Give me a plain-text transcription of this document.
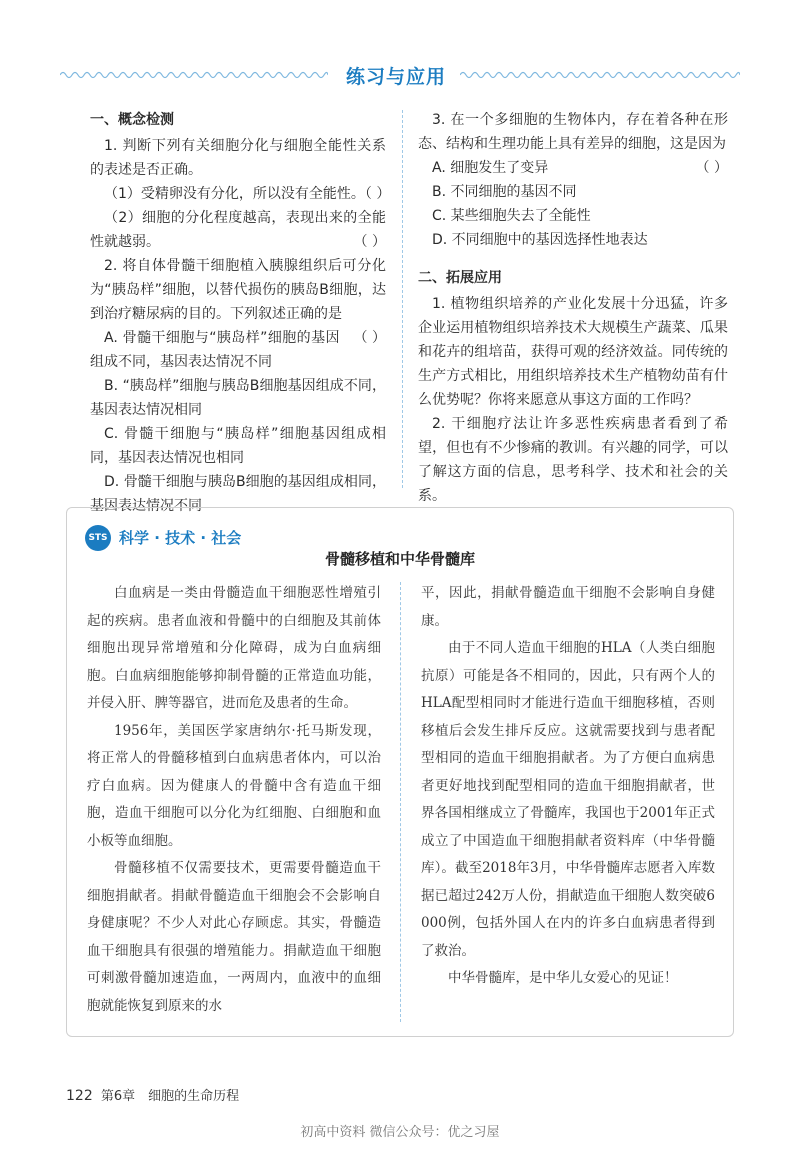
练习与应用
一、概念检测
1. 判断下列有关细胞分化与细胞全能性关系的表述是否正确。
（1）受精卵没有分化，所以没有全能性。（ ）
（2）细胞的分化程度越高，表现出来的全能性就越弱。	（ ）
2. 将自体骨髓干细胞植入胰腺组织后可分化为“胰岛样”细胞，以替代损伤的胰岛B细胞，达到治疗糖尿病的目的。下列叙述正确的是
（ ）
A. 骨髓干细胞与“胰岛样”细胞的基因组成不同，基因表达情况不同
B. “胰岛样”细胞与胰岛B细胞基因组成不同，基因表达情况相同
C. 骨髓干细胞与“胰岛样”细胞基因组成相同，基因表达情况也相同
D. 骨髓干细胞与胰岛B细胞的基因组成相同，基因表达情况不同
3. 在一个多细胞的生物体内，存在着各种在形态、结构和生理功能上具有差异的细胞，这是因为
（ ）
A. 细胞发生了变异
B. 不同细胞的基因不同
C. 某些细胞失去了全能性
D. 不同细胞中的基因选择性地表达
二、拓展应用
1. 植物组织培养的产业化发展十分迅猛，许多企业运用植物组织培养技术大规模生产蔬菜、瓜果和花卉的组培苗，获得可观的经济效益。同传统的生产方式相比，用组织培养技术生产植物幼苗有什么优势呢？你将来愿意从事这方面的工作吗？
2. 干细胞疗法让许多恶性疾病患者看到了希望，但也有不少惨痛的教训。有兴趣的同学，可以了解这方面的信息，思考科学、技术和社会的关系。
STS 科学 · 技术 · 社会
骨髓移植和中华骨髓库
白血病是一类由骨髓造血干细胞恶性增殖引起的疾病。患者血液和骨髓中的白细胞及其前体细胞出现异常增殖和分化障碍，成为白血病细胞。白血病细胞能够抑制骨髓的正常造血功能，并侵入肝、脾等器官，进而危及患者的生命。
1956年，美国医学家唐纳尔·托马斯发现，将正常人的骨髓移植到白血病患者体内，可以治疗白血病。因为健康人的骨髓中含有造血干细胞，造血干细胞可以分化为红细胞、白细胞和血小板等血细胞。
骨髓移植不仅需要技术，更需要骨髓造血干细胞捐献者。捐献骨髓造血干细胞会不会影响自身健康呢？不少人对此心存顾虑。其实，骨髓造血干细胞具有很强的增殖能力。捐献造血干细胞可刺激骨髓加速造血，一两周内，血液中的血细胞就能恢复到原来的水
平，因此，捐献骨髓造血干细胞不会影响自身健康。
由于不同人造血干细胞的HLA（人类白细胞抗原）可能是各不相同的，因此，只有两个人的HLA配型相同时才能进行造血干细胞移植，否则移植后会发生排斥反应。这就需要找到与患者配型相同的造血干细胞捐献者。为了方便白血病患者更好地找到配型相同的造血干细胞捐献者，世界各国相继成立了骨髓库，我国也于2001年正式成立了中国造血干细胞捐献者资料库（中华骨髓库）。截至2018年3月，中华骨髓库志愿者入库数据已超过242万人份，捐献造血干细胞人数突破6 000例，包括外国人在内的许多白血病患者得到了救治。
中华骨髓库，是中华儿女爱心的见证！
122 第6章　细胞的生命历程
初高中资料 微信公众号：优之习屋
